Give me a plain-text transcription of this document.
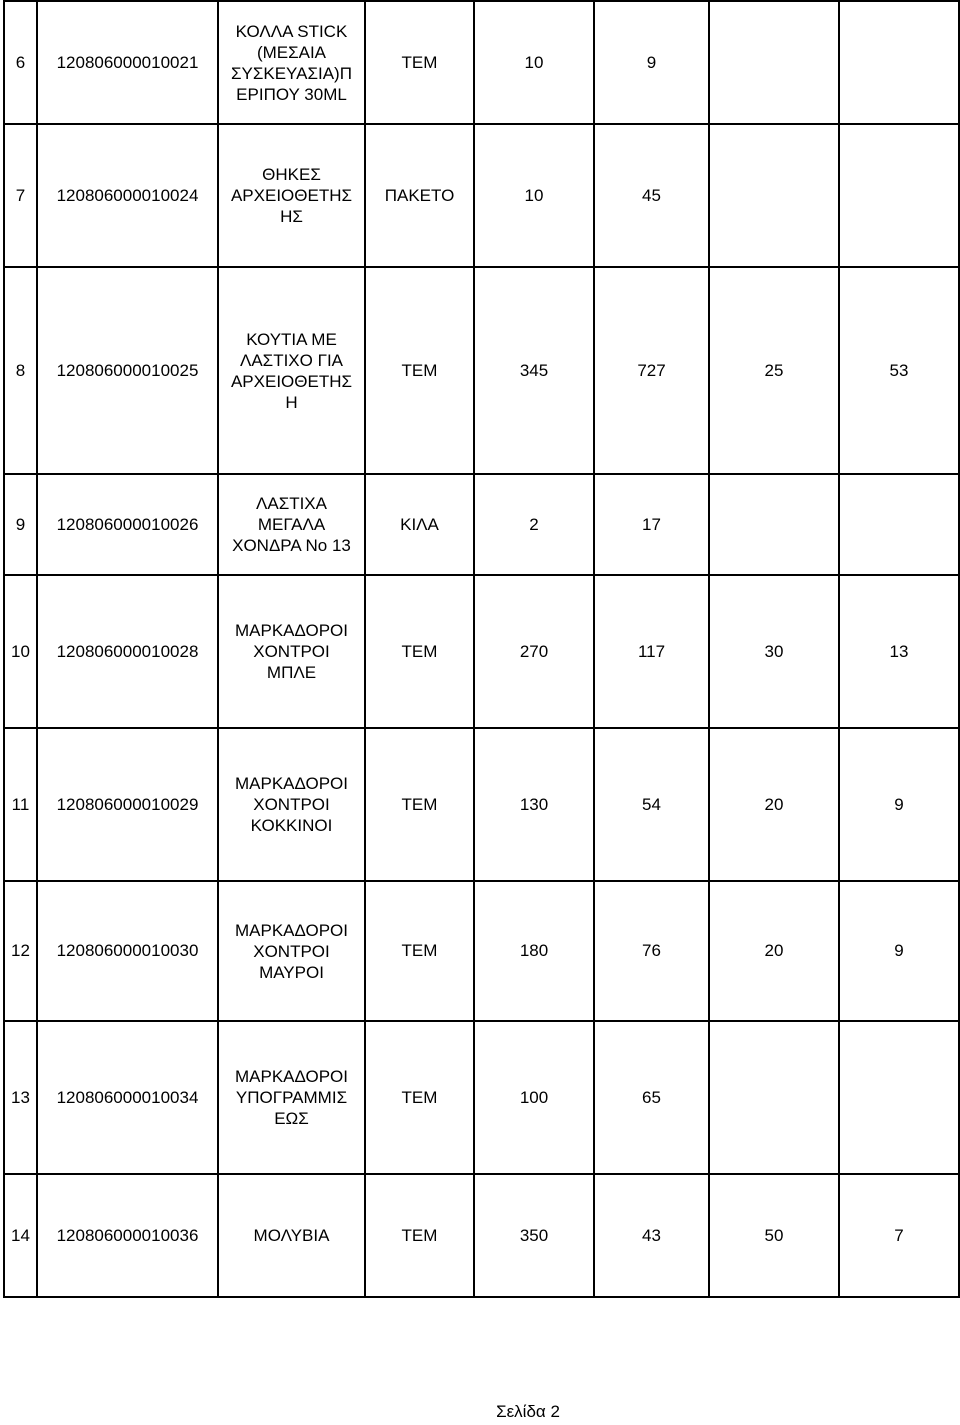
6	120806000010021	ΚΟΛΛΑ STICK
(ΜΕΣΑΙΑ
ΣΥΣΚΕΥΑΣΙΑ)Π
ΕΡΙΠΟΥ 30ML	ΤΕΜ	10	9		
7	120806000010024	ΘΗΚΕΣ
ΑΡΧΕΙΟΘΕΤΗΣ
ΗΣ	ΠΑΚΕΤΟ	10	45		
8	120806000010025	ΚΟΥΤΙΑ ΜΕ
ΛΑΣΤΙΧΟ ΓΙΑ
ΑΡΧΕΙΟΘΕΤΗΣ
Η	ΤΕΜ	345	727	25	53
9	120806000010026	ΛΑΣΤΙΧΑ
ΜΕΓΑΛΑ
ΧΟΝΔΡΑ No 13	ΚΙΛΑ	2	17		
10	120806000010028	ΜΑΡΚΑΔΟΡΟΙ
ΧΟΝΤΡΟΙ
ΜΠΛΕ	ΤΕΜ	270	117	30	13
11	120806000010029	ΜΑΡΚΑΔΟΡΟΙ
ΧΟΝΤΡΟΙ
ΚΟΚΚΙΝΟΙ	ΤΕΜ	130	54	20	9
12	120806000010030	ΜΑΡΚΑΔΟΡΟΙ
ΧΟΝΤΡΟΙ
ΜΑΥΡΟΙ	ΤΕΜ	180	76	20	9
13	120806000010034	ΜΑΡΚΑΔΟΡΟΙ
ΥΠΟΓΡΑΜΜΙΣ
ΕΩΣ	ΤΕΜ	100	65		
14	120806000010036	ΜΟΛΥΒΙΑ	ΤΕΜ	350	43	50	7
Σελίδα 2
